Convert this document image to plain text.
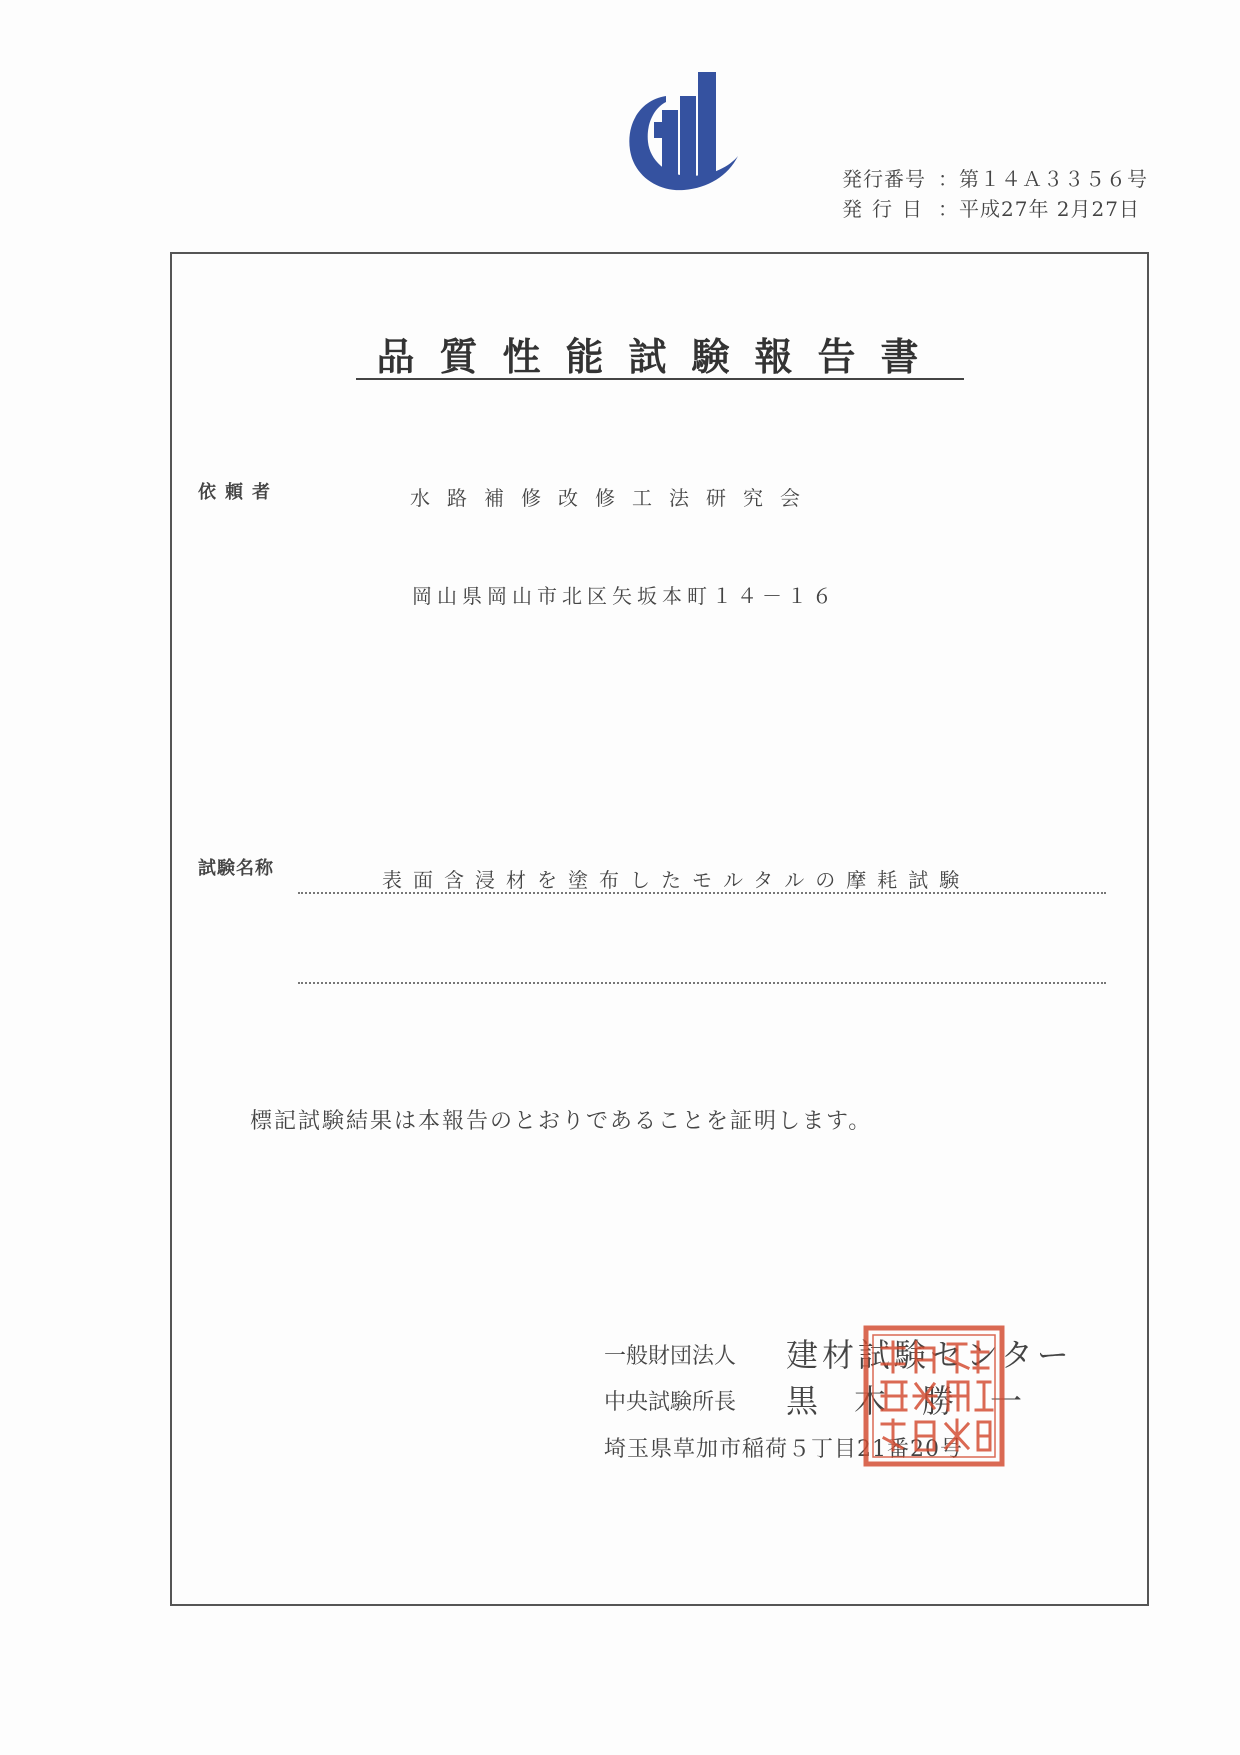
発行番号 ：第１４Ａ３３５６号
発行日 ：平成27年 2月27日
品質性能試験報告書
依頼者	水路補修改修工法研究会
岡山県岡山市北区矢坂本町１４－１６
試験名称	表面含浸材を塗布したモルタルの摩耗試験
標記試験結果は本報告のとおりであることを証明します。
一般財団法人 建材試験センター
中央試験所長 黒木勝一
埼玉県草加市稲荷５丁目21番20号
